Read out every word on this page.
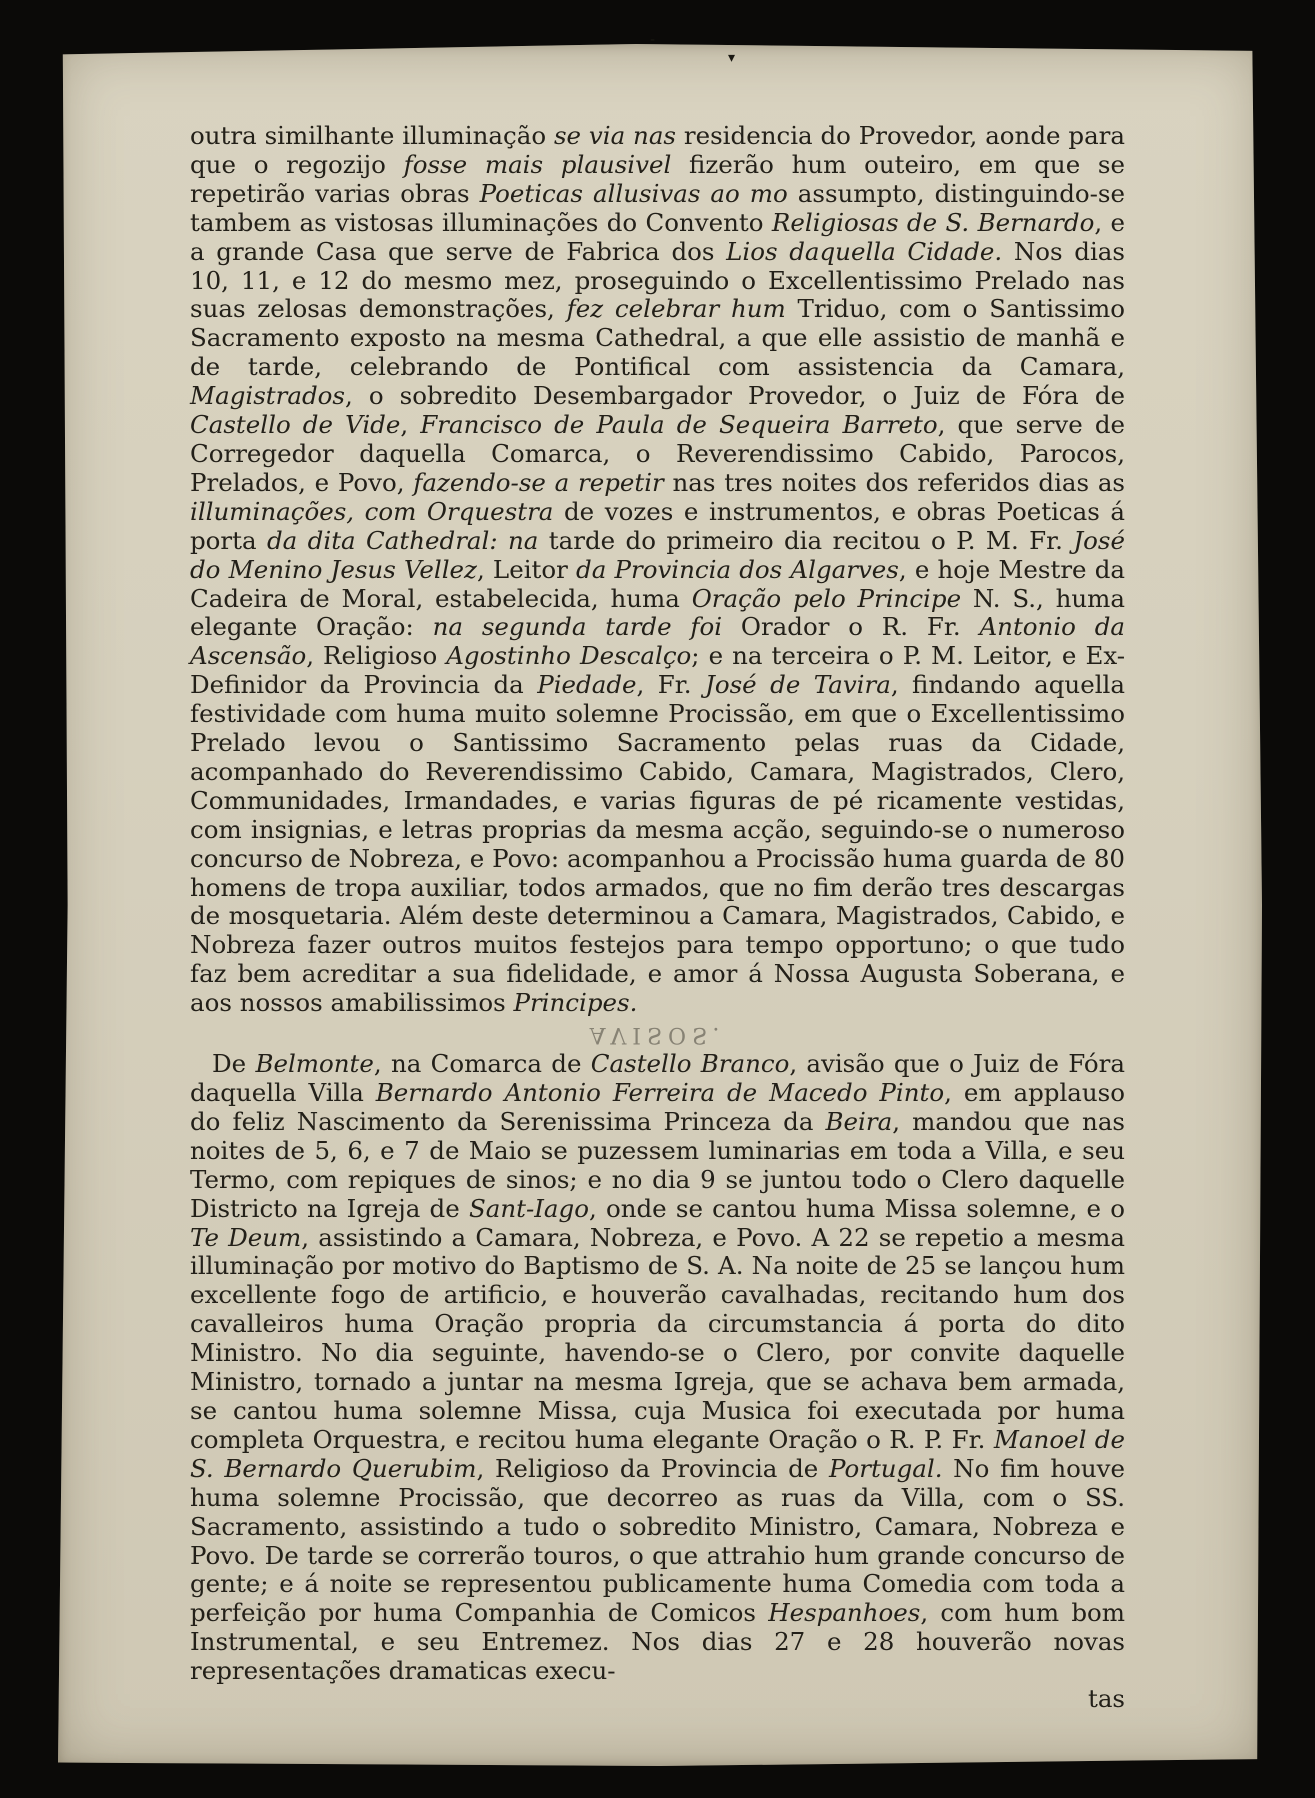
‑
▾

outra similhante illuminação se via nas residencia do Provedor, aonde para que o regozijo fosse mais plausivel fizerão hum outeiro, em que se repetirão varias obras Poeticas allusivas ao mo assumpto, distinguindo-se tambem as vistosas illuminações do Convento Religiosas de S. Bernardo, e a grande Casa que serve de Fabrica dos Lios daquella Cidade. Nos dias 10, 11, e 12 do mesmo mez, proseguindo o Excellentissimo Prelado nas suas zelosas demonstrações, fez celebrar hum Triduo, com o Santissimo Sacramento exposto na mesma Cathedral, a que elle assistio de manhã e de tarde, celebrando de Pontifical com assistencia da Camara, Magistrados, o sobredito Desembargador Provedor, o Juiz de Fóra de Castello de Vide, Francisco de Paula de Sequeira Barreto, que serve de Corregedor daquella Comarca, o Reverendissimo Cabido, Parocos, Prelados, e Povo, fazendo-se a repetir nas tres noites dos referidos dias as illuminações, com Orquestra de vozes e instrumentos, e obras Poeticas á porta da dita Cathedral: na tarde do primeiro dia recitou o P. M. Fr. José do Menino Jesus Vellez, Leitor da Provincia dos Algarves, e hoje Mestre da Cadeira de Moral, estabelecida, huma Oração pelo Principe N. S., huma elegante Oração: na segunda tarde foi Orador o R. Fr. Antonio da Ascensão, Religioso Agostinho Descalço; e na terceira o P. M. Leitor, e Ex-Definidor da Provincia da Piedade, Fr. José de Tavira, findando aquella festividade com huma muito solemne Procissão, em que o Excellentissimo Prelado levou o Santissimo Sacramento pelas ruas da Cidade, acompanhado do Reverendissimo Cabido, Camara, Magistrados, Clero, Communidades, Irmandades, e varias figuras de pé ricamente vestidas, com insignias, e letras proprias da mesma acção, seguindo-se o numeroso concurso de Nobreza, e Povo: acompanhou a Procissão huma guarda de 80 homens de tropa auxiliar, todos armados, que no fim derão tres descargas de mosquetaria. Além deste determinou a Camara, Magistrados, Cabido, e Nobreza fazer outros muitos festejos para tempo opportuno; o que tudo faz bem acreditar a sua fidelidade, e amor á Nossa Augusta Soberana, e aos nossos amabilissimos Principes.

AVISOS.

De Belmonte, na Comarca de Castello Branco, avisão que o Juiz de Fóra daquella Villa Bernardo Antonio Ferreira de Macedo Pinto, em applauso do feliz Nascimento da Serenissima Princeza da Beira, mandou que nas noites de 5, 6, e 7 de Maio se puzessem luminarias em toda a Villa, e seu Termo, com repiques de sinos; e no dia 9 se juntou todo o Clero daquelle Districto na Igreja de Sant-Iago, onde se cantou huma Missa solemne, e o Te Deum, assistindo a Camara, Nobreza, e Povo. A 22 se repetio a mesma illuminação por motivo do Baptismo de S. A. Na noite de 25 se lançou hum excellente fogo de artificio, e houverão cavalhadas, recitando hum dos cavalleiros huma Oração propria da circumstancia á porta do dito Ministro. No dia seguinte, havendo-se o Clero, por convite daquelle Ministro, tornado a juntar na mesma Igreja, que se achava bem armada, se cantou huma solemne Missa, cuja Musica foi executada por huma completa Orquestra, e recitou huma elegante Oração o R. P. Fr. Manoel de S. Bernardo Querubim, Religioso da Provincia de Portugal. No fim houve huma solemne Procissão, que decorreo as ruas da Villa, com o SS. Sacramento, assistindo a tudo o sobredito Ministro, Camara, Nobreza e Povo. De tarde se correrão touros, o que attrahio hum grande concurso de gente; e á noite se representou publicamente huma Comedia com toda a perfeição por huma Companhia de Comicos Hespanhoes, com hum bom Instrumental, e seu Entremez. Nos dias 27 e 28 houverão novas representações dramaticas execu-

tas
